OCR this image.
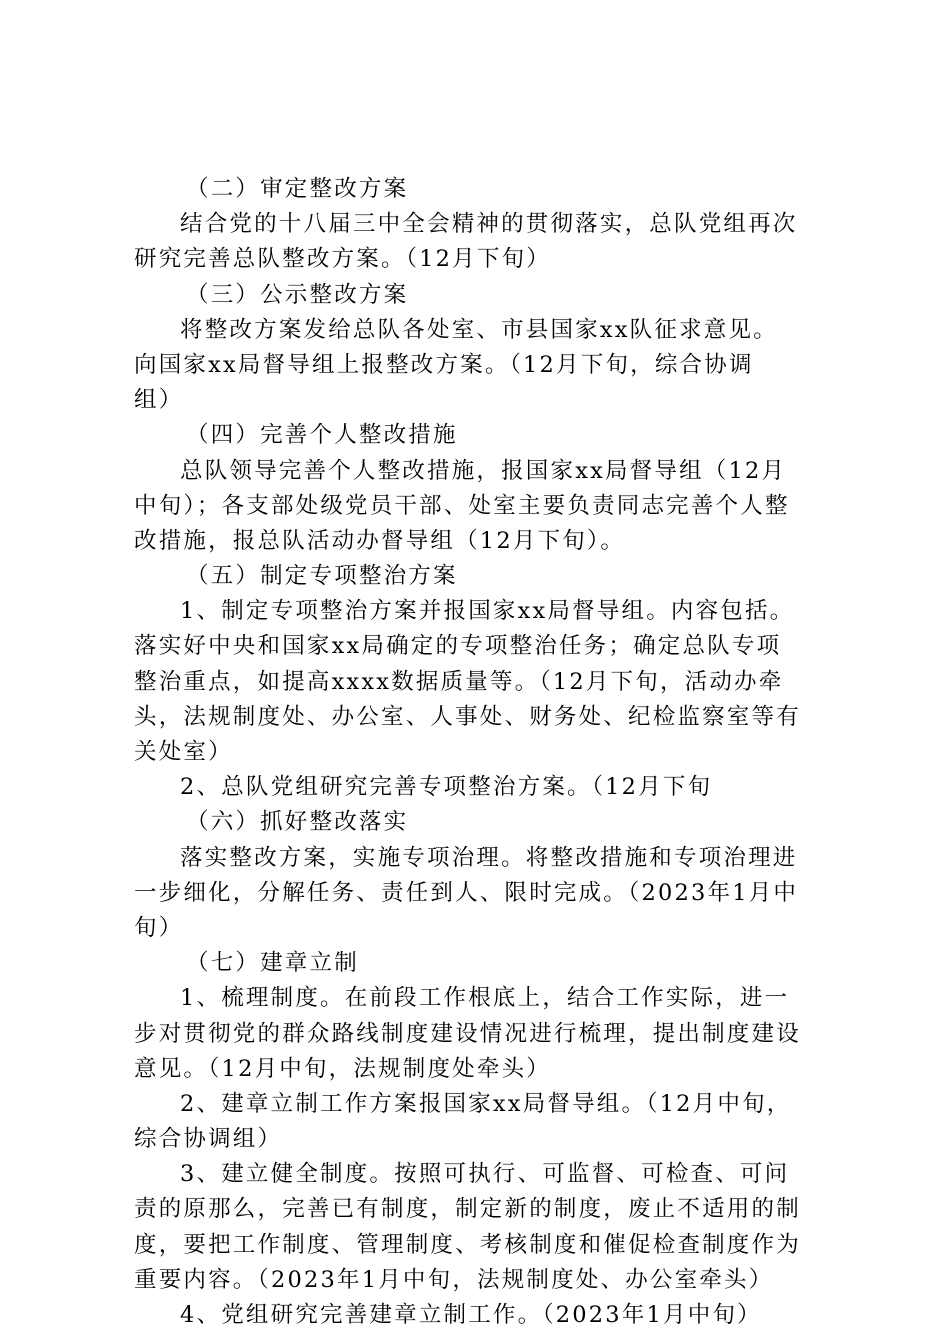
（二）审定整改方案
结合党的十八届三中全会精神的贯彻落实，总队党组再次
研究完善总队整改方案。（12月下旬）
（三）公示整改方案
将整改方案发给总队各处室、市县国家xx队征求意见。
向国家xx局督导组上报整改方案。（12月下旬，综合协调
组）
（四）完善个人整改措施
总队领导完善个人整改措施，报国家xx局督导组（12月
中旬）；各支部处级党员干部、处室主要负责同志完善个人整
改措施，报总队活动办督导组（12月下旬）。
（五）制定专项整治方案
1、制定专项整治方案并报国家xx局督导组。内容包括。
落实好中央和国家xx局确定的专项整治任务；确定总队专项
整治重点，如提高xxxx数据质量等。（12月下旬，活动办牵
头，法规制度处、办公室、人事处、财务处、纪检监察室等有
关处室）
2、总队党组研究完善专项整治方案。（12月下旬
（六）抓好整改落实
落实整改方案，实施专项治理。将整改措施和专项治理进
一步细化，分解任务、责任到人、限时完成。（2023年1月中
旬）
（七）建章立制
1、梳理制度。在前段工作根底上，结合工作实际，进一
步对贯彻党的群众路线制度建设情况进行梳理，提出制度建设
意见。（12月中旬，法规制度处牵头）
2、建章立制工作方案报国家xx局督导组。（12月中旬，
综合协调组）
3、建立健全制度。按照可执行、可监督、可检查、可问
责的原那么，完善已有制度，制定新的制度，废止不适用的制
度，要把工作制度、管理制度、考核制度和催促检查制度作为
重要内容。（2023年1月中旬，法规制度处、办公室牵头）
4、党组研究完善建章立制工作。（2023年1月中旬）
